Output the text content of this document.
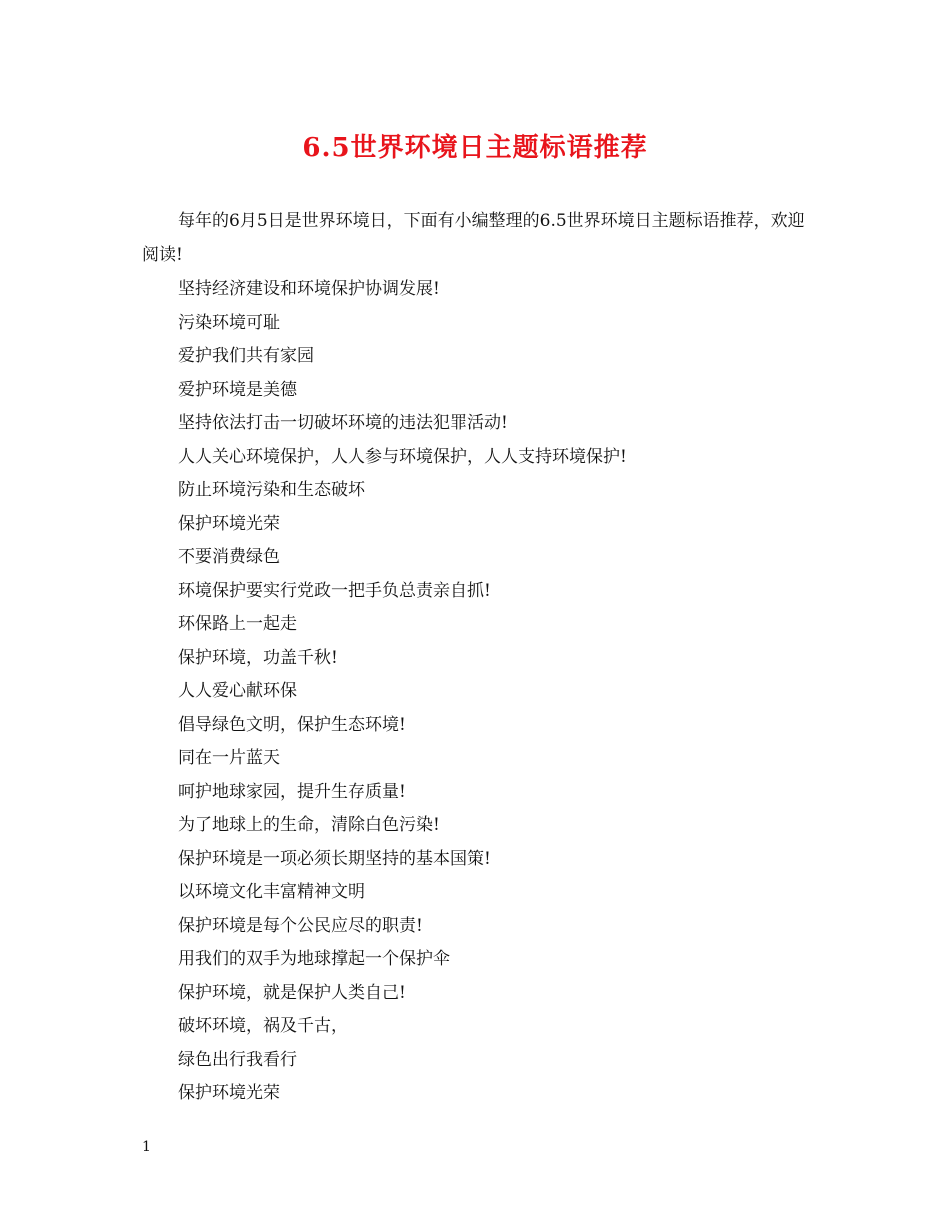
6.5世界环境日主题标语推荐

每年的6月5日是世界环境日，下面有小编整理的6.5世界环境日主题标语推荐，欢迎阅读!

坚持经济建设和环境保护协调发展!
污染环境可耻
爱护我们共有家园
爱护环境是美德
坚持依法打击一切破坏环境的违法犯罪活动!
人人关心环境保护，人人参与环境保护，人人支持环境保护!
防止环境污染和生态破坏
保护环境光荣
不要消费绿色
环境保护要实行党政一把手负总责亲自抓!
环保路上一起走
保护环境，功盖千秋!
人人爱心献环保
倡导绿色文明，保护生态环境!
同在一片蓝天
呵护地球家园，提升生存质量!
为了地球上的生命，清除白色污染!
保护环境是一项必须长期坚持的基本国策!
以环境文化丰富精神文明
保护环境是每个公民应尽的职责!
用我们的双手为地球撑起一个保护伞
保护环境，就是保护人类自己!
破坏环境，祸及千古，
绿色出行我看行
保护环境光荣
1
